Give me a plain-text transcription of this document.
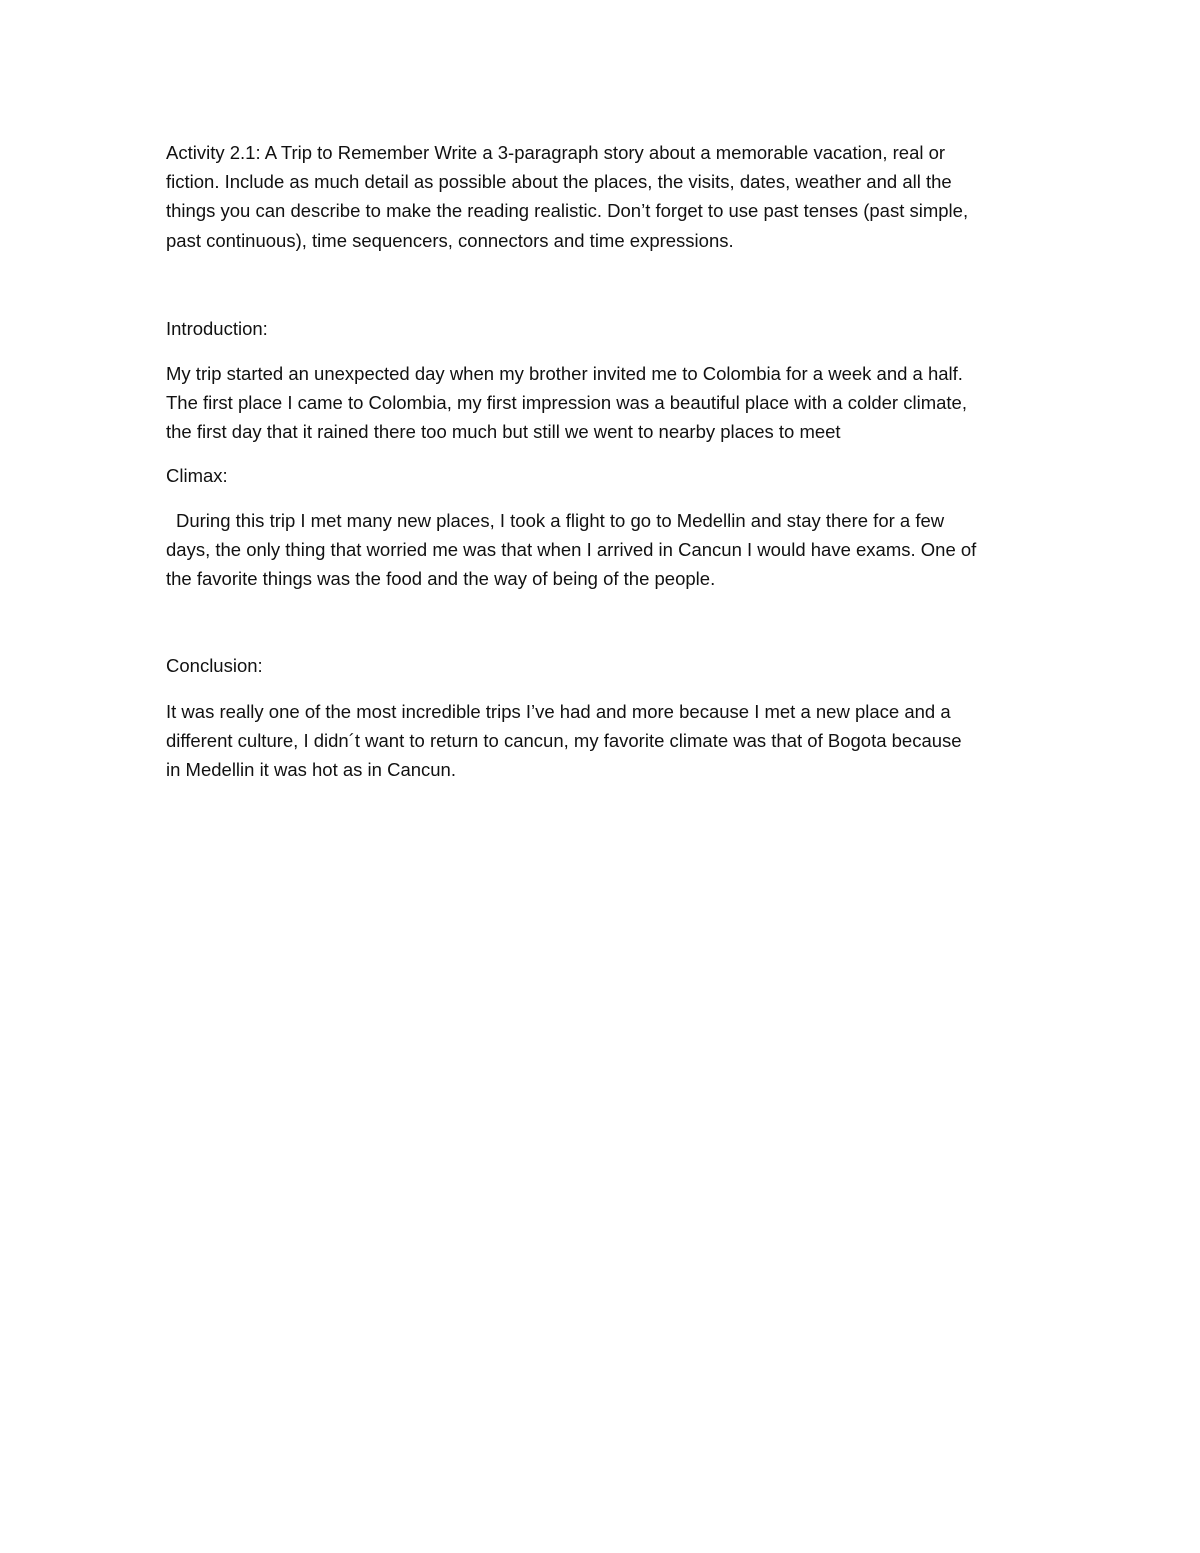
Activity 2.1: A Trip to Remember Write a 3-paragraph story about a memorable vacation, real or
fiction. Include as much detail as possible about the places, the visits, dates, weather and all the
things you can describe to make the reading realistic. Don’t forget to use past tenses (past simple,
past continuous), time sequencers, connectors and time expressions.

Introduction:

My trip started an unexpected day when my brother invited me to Colombia for a week and a half.
The first place I came to Colombia, my first impression was a beautiful place with a colder climate,
the first day that it rained there too much but still we went to nearby places to meet

Climax:

During this trip I met many new places, I took a flight to go to Medellin and stay there for a few
days, the only thing that worried me was that when I arrived in Cancun I would have exams. One of
the favorite things was the food and the way of being of the people.

Conclusion:

It was really one of the most incredible trips I’ve had and more because I met a new place and a
different culture, I didn´t want to return to cancun, my favorite climate was that of Bogota because
in Medellin it was hot as in Cancun.
